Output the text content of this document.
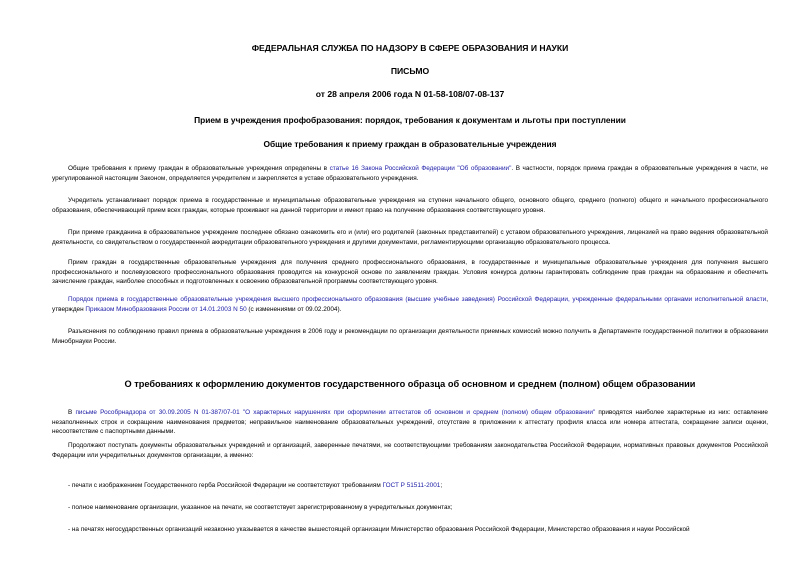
ФЕДЕРАЛЬНАЯ СЛУЖБА ПО НАДЗОРУ В СФЕРЕ ОБРАЗОВАНИЯ И НАУКИ
ПИСЬМО
от 28 апреля 2006 года N 01-58-108/07-08-137
Прием в учреждения профобразования: порядок, требования к документам и льготы при поступлении
Общие требования к приему граждан в образовательные учреждения

Общие требования к приему граждан в образовательные учреждения определены в статье 16 Закона Российской Федерации "Об образовании". В частности, порядок приема граждан в образовательные учреждения в части, не урегулированной настоящим Законом, определяется учредителем и закрепляется в уставе образовательного учреждения.

Учредитель устанавливает порядок приема в государственные и муниципальные образовательные учреждения на ступени начального общего, основного общего, среднего (полного) общего и начального профессионального образования, обеспечивающий прием всех граждан, которые проживают на данной территории и имеют право на получение образования соответствующего уровня.

При приеме гражданина в образовательное учреждение последнее обязано ознакомить его и (или) его родителей (законных представителей) с уставом образовательного учреждения, лицензией на право ведения образовательной деятельности, со свидетельством о государственной аккредитации образовательного учреждения и другими документами, регламентирующими организацию образовательного процесса.

Прием граждан в государственные образовательные учреждения для получения среднего профессионального образования, в государственные и муниципальные образовательные учреждения для получения высшего профессионального и послевузовского профессионального образования проводится на конкурсной основе по заявлениям граждан. Условия конкурса должны гарантировать соблюдение прав граждан на образование и обеспечить зачисление граждан, наиболее способных и подготовленных к освоению образовательной программы соответствующего уровня.

Порядок приема в государственные образовательные учреждения высшего профессионального образования (высшие учебные заведения) Российской Федерации, учрежденные федеральными органами исполнительной власти, утвержден Приказом Минобразования России от 14.01.2003 N 50 (с изменениями от 09.02.2004).

Разъяснения по соблюдению правил приема в образовательные учреждения в 2006 году и рекомендации по организации деятельности приемных комиссий можно получить в Департаменте государственной политики в образовании Минобрнауки России.

О требованиях к оформлению документов государственного образца об основном и среднем (полном) общем образовании

В письме Рособрнадзора от 30.09.2005 N 01-387/07-01 "О характерных нарушениях при оформлении аттестатов об основном и среднем (полном) общем образовании" приводятся наиболее характерные из них: оставление незаполненных строк и сокращение наименования предметов; неправильное наименование образовательных учреждений, отсутствие в приложении к аттестату профиля класса или номера аттестата, сокращение записи оценки, несоответствие с паспортными данными.

Продолжают поступать документы образовательных учреждений и организаций, заверенные печатями, не соответствующими требованиям законодательства Российской Федерации, нормативных правовых документов Российской Федерации или учредительных документов организации, а именно:

- печати с изображением Государственного герба Российской Федерации не соответствуют требованиям ГОСТ Р 51511-2001;

- полное наименование организации, указанное на печати, не соответствует зарегистрированному в учредительных документах;

- на печатях негосударственных организаций незаконно указывается в качестве вышестоящей организации Министерство образования Российской Федерации, Министерство образования и науки Российской
